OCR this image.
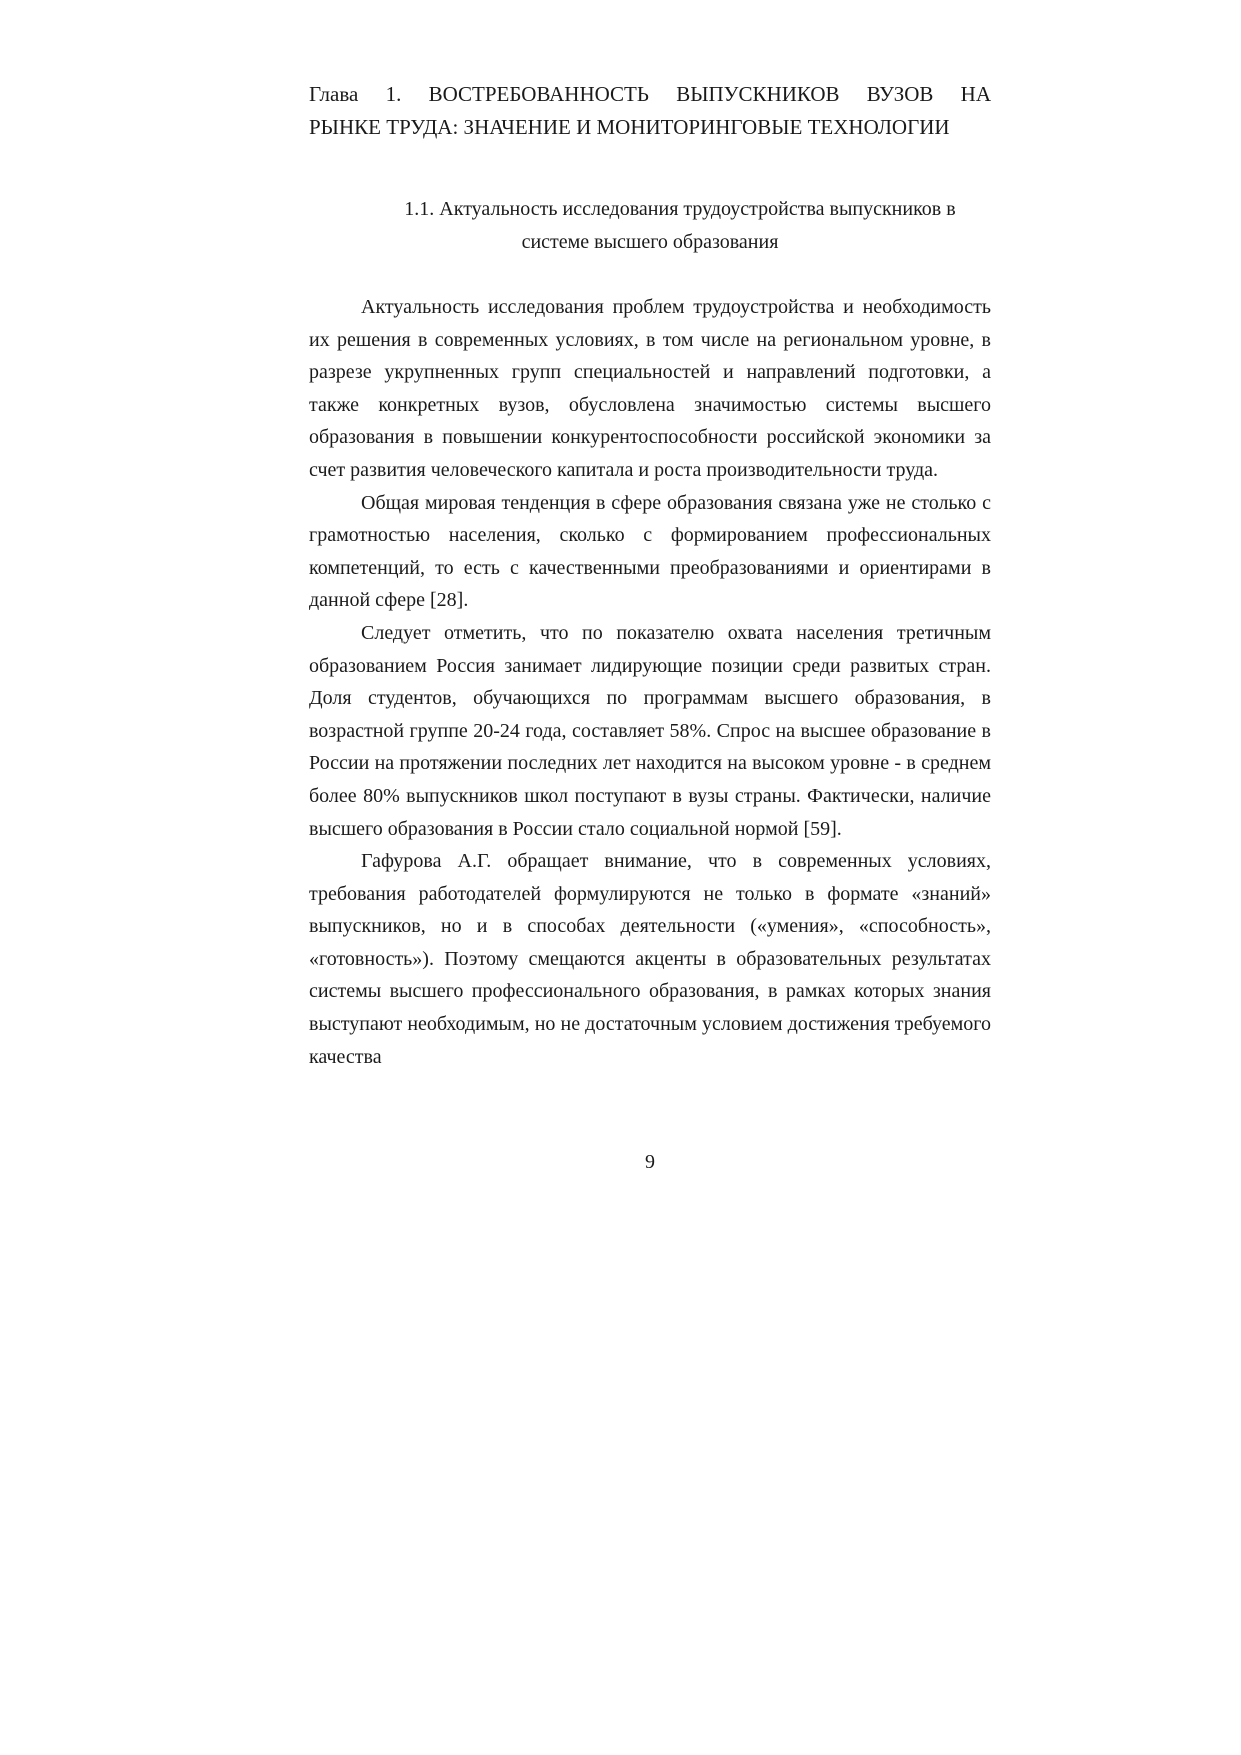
Глава 1. ВОСТРЕБОВАННОСТЬ ВЫПУСКНИКОВ ВУЗОВ НА
РЫНКЕ ТРУДА: ЗНАЧЕНИЕ И МОНИТОРИНГОВЫЕ ТЕХНОЛОГИИ
1.1. Актуальность исследования трудоустройства выпускников в
системе высшего образования

Актуальность исследования проблем трудоустройства и необходимость их решения в современных условиях, в том числе на региональном уровне, в разрезе укрупненных групп специальностей и направлений подготовки, а также конкретных вузов, обусловлена значимостью системы высшего образования в повышении конкурентоспособности российской экономики за счет развития человеческого капитала и роста производительности труда.

Общая мировая тенденция в сфере образования связана уже не столько с грамотностью населения, сколько с формированием профессиональных компетенций, то есть с качественными преобразованиями и ориентирами в данной сфере [28].

Следует отметить, что по показателю охвата населения третичным образованием Россия занимает лидирующие позиции среди развитых стран. Доля студентов, обучающихся по программам высшего образования, в возрастной группе 20-24 года, составляет 58%. Спрос на высшее образование в России на протяжении последних лет находится на высоком уровне - в среднем более 80% выпускников школ поступают в вузы страны. Фактически, наличие высшего образования в России стало социальной нормой [59].

Гафурова А.Г. обращает внимание, что в современных условиях, требования работодателей формулируются не только в формате «знаний» выпускников, но и в способах деятельности («умения», «способность», «готовность»). Поэтому смещаются акценты в образовательных результатах системы высшего профессионального образования, в рамках которых знания выступают необходимым, но не достаточным условием достижения требуемого качества

9
